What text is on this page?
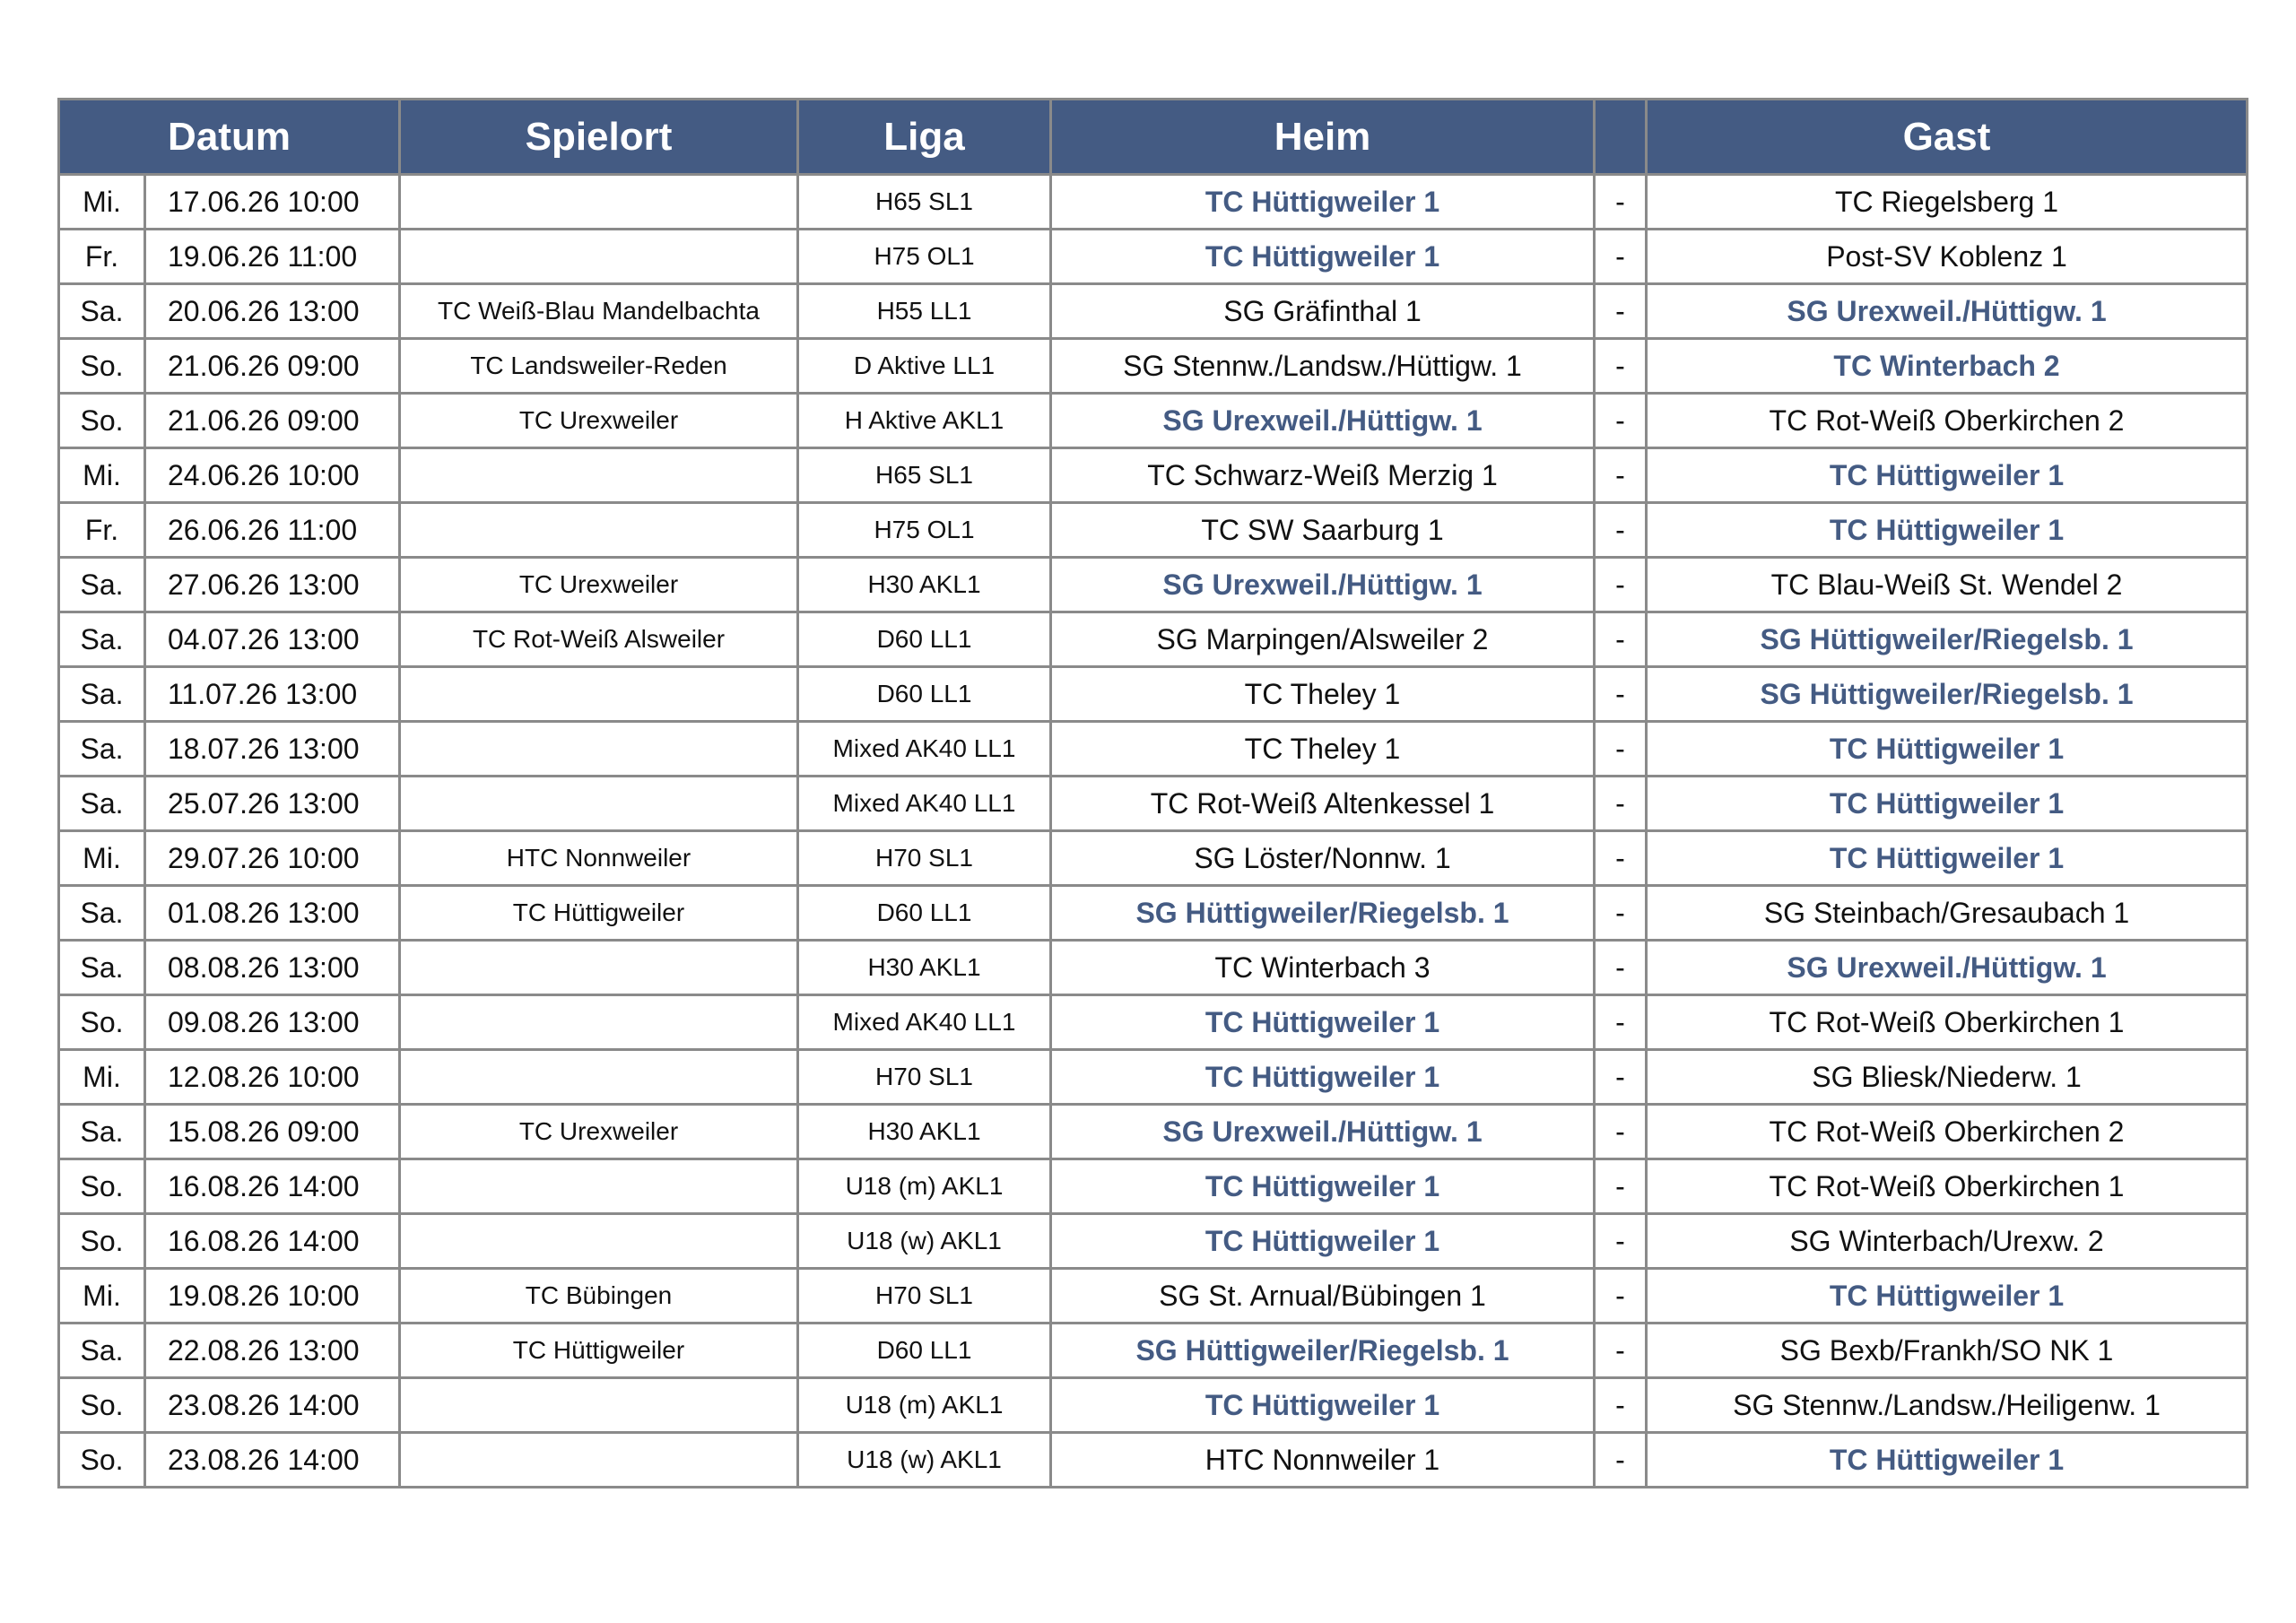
Datum		Spielort	Liga	Heim		Gast
Mi.	17.06.26 10:00		H65 SL1	TC Hüttigweiler 1	-	TC Riegelsberg 1
Fr.	19.06.26 11:00		H75 OL1	TC Hüttigweiler 1	-	Post-SV Koblenz 1
Sa.	20.06.26 13:00	TC Weiß-Blau Mandelbachta	H55 LL1	SG Gräfinthal 1	-	SG Urexweil./Hüttigw. 1
So.	21.06.26 09:00	TC Landsweiler-Reden	D Aktive LL1	SG Stennw./Landsw./Hüttigw. 1	-	TC Winterbach 2
So.	21.06.26 09:00	TC Urexweiler	H Aktive AKL1	SG Urexweil./Hüttigw. 1	-	TC Rot-Weiß Oberkirchen 2
Mi.	24.06.26 10:00		H65 SL1	TC Schwarz-Weiß Merzig 1	-	TC Hüttigweiler 1
Fr.	26.06.26 11:00		H75 OL1	TC SW Saarburg 1	-	TC Hüttigweiler 1
Sa.	27.06.26 13:00	TC Urexweiler	H30 AKL1	SG Urexweil./Hüttigw. 1	-	TC Blau-Weiß St. Wendel 2
Sa.	04.07.26 13:00	TC Rot-Weiß Alsweiler	D60 LL1	SG Marpingen/Alsweiler 2	-	SG Hüttigweiler/Riegelsb. 1
Sa.	11.07.26 13:00		D60 LL1	TC Theley 1	-	SG Hüttigweiler/Riegelsb. 1
Sa.	18.07.26 13:00		Mixed AK40 LL1	TC Theley 1	-	TC Hüttigweiler 1
Sa.	25.07.26 13:00		Mixed AK40 LL1	TC Rot-Weiß Altenkessel 1	-	TC Hüttigweiler 1
Mi.	29.07.26 10:00	HTC Nonnweiler	H70 SL1	SG Löster/Nonnw. 1	-	TC Hüttigweiler 1
Sa.	01.08.26 13:00	TC Hüttigweiler	D60 LL1	SG Hüttigweiler/Riegelsb. 1	-	SG Steinbach/Gresaubach 1
Sa.	08.08.26 13:00		H30 AKL1	TC Winterbach 3	-	SG Urexweil./Hüttigw. 1
So.	09.08.26 13:00		Mixed AK40 LL1	TC Hüttigweiler 1	-	TC Rot-Weiß Oberkirchen 1
Mi.	12.08.26 10:00		H70 SL1	TC Hüttigweiler 1	-	SG Bliesk/Niederw. 1
Sa.	15.08.26 09:00	TC Urexweiler	H30 AKL1	SG Urexweil./Hüttigw. 1	-	TC Rot-Weiß Oberkirchen 2
So.	16.08.26 14:00		U18 (m) AKL1	TC Hüttigweiler 1	-	TC Rot-Weiß Oberkirchen 1
So.	16.08.26 14:00		U18 (w) AKL1	TC Hüttigweiler 1	-	SG Winterbach/Urexw. 2
Mi.	19.08.26 10:00	TC Bübingen	H70 SL1	SG St. Arnual/Bübingen 1	-	TC Hüttigweiler 1
Sa.	22.08.26 13:00	TC Hüttigweiler	D60 LL1	SG Hüttigweiler/Riegelsb. 1	-	SG Bexb/Frankh/SO NK 1
So.	23.08.26 14:00		U18 (m) AKL1	TC Hüttigweiler 1	-	SG Stennw./Landsw./Heiligenw. 1
So.	23.08.26 14:00		U18 (w) AKL1	HTC Nonnweiler 1	-	TC Hüttigweiler 1
